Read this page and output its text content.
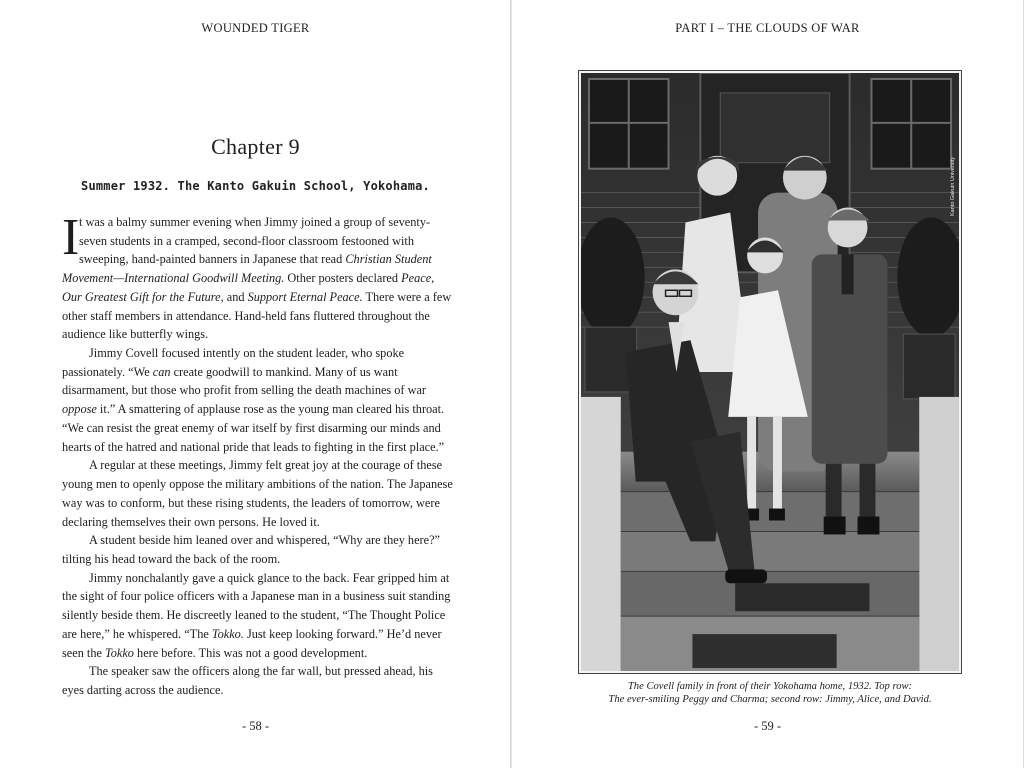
WOUNDED TIGER
Chapter 9
Summer 1932. The Kanto Gakuin School, Yokohama.
I t was a balmy summer evening when Jimmy joined a group of seventy-
seven students in a cramped, second-floor classroom festooned with
sweeping, hand-painted banners in Japanese that read Christian Student
Movement—International Goodwill Meeting. Other posters declared Peace,
Our Greatest Gift for the Future, and Support Eternal Peace. There were a few
other staff members in attendance. Hand-held fans fluttered throughout the
audience like butterfly wings.
Jimmy Covell focused intently on the student leader, who spoke
passionately. “We can create goodwill to mankind. Many of us want
disarmament, but those who profit from selling the death machines of war
oppose it.” A smattering of applause rose as the young man cleared his throat.
“We can resist the great enemy of war itself by first disarming our minds and
hearts of the hatred and national pride that leads to fighting in the first place.”
A regular at these meetings, Jimmy felt great joy at the courage of these
young men to openly oppose the military ambitions of the nation. The Japanese
way was to conform, but these rising students, the leaders of tomorrow, were
declaring themselves their own persons. He loved it.
A student beside him leaned over and whispered, “Why are they here?”
tilting his head toward the back of the room.
Jimmy nonchalantly gave a quick glance to the back. Fear gripped him at
the sight of four police officers with a Japanese man in a business suit standing
silently beside them. He discreetly leaned to the student, “The Thought Police
are here,” he whispered. “The Tokko. Just keep looking forward.” He’d never
seen the Tokko here before. This was not a good development.
The speaker saw the officers along the far wall, but pressed ahead, his
eyes darting across the audience.
- 58 -
PART I – THE CLOUDS OF WAR
Kanto Gakuin University
The Covell family in front of their Yokohama home, 1932. Top row:
The ever-smiling Peggy and Charma; second row: Jimmy, Alice, and David.
- 59 -
